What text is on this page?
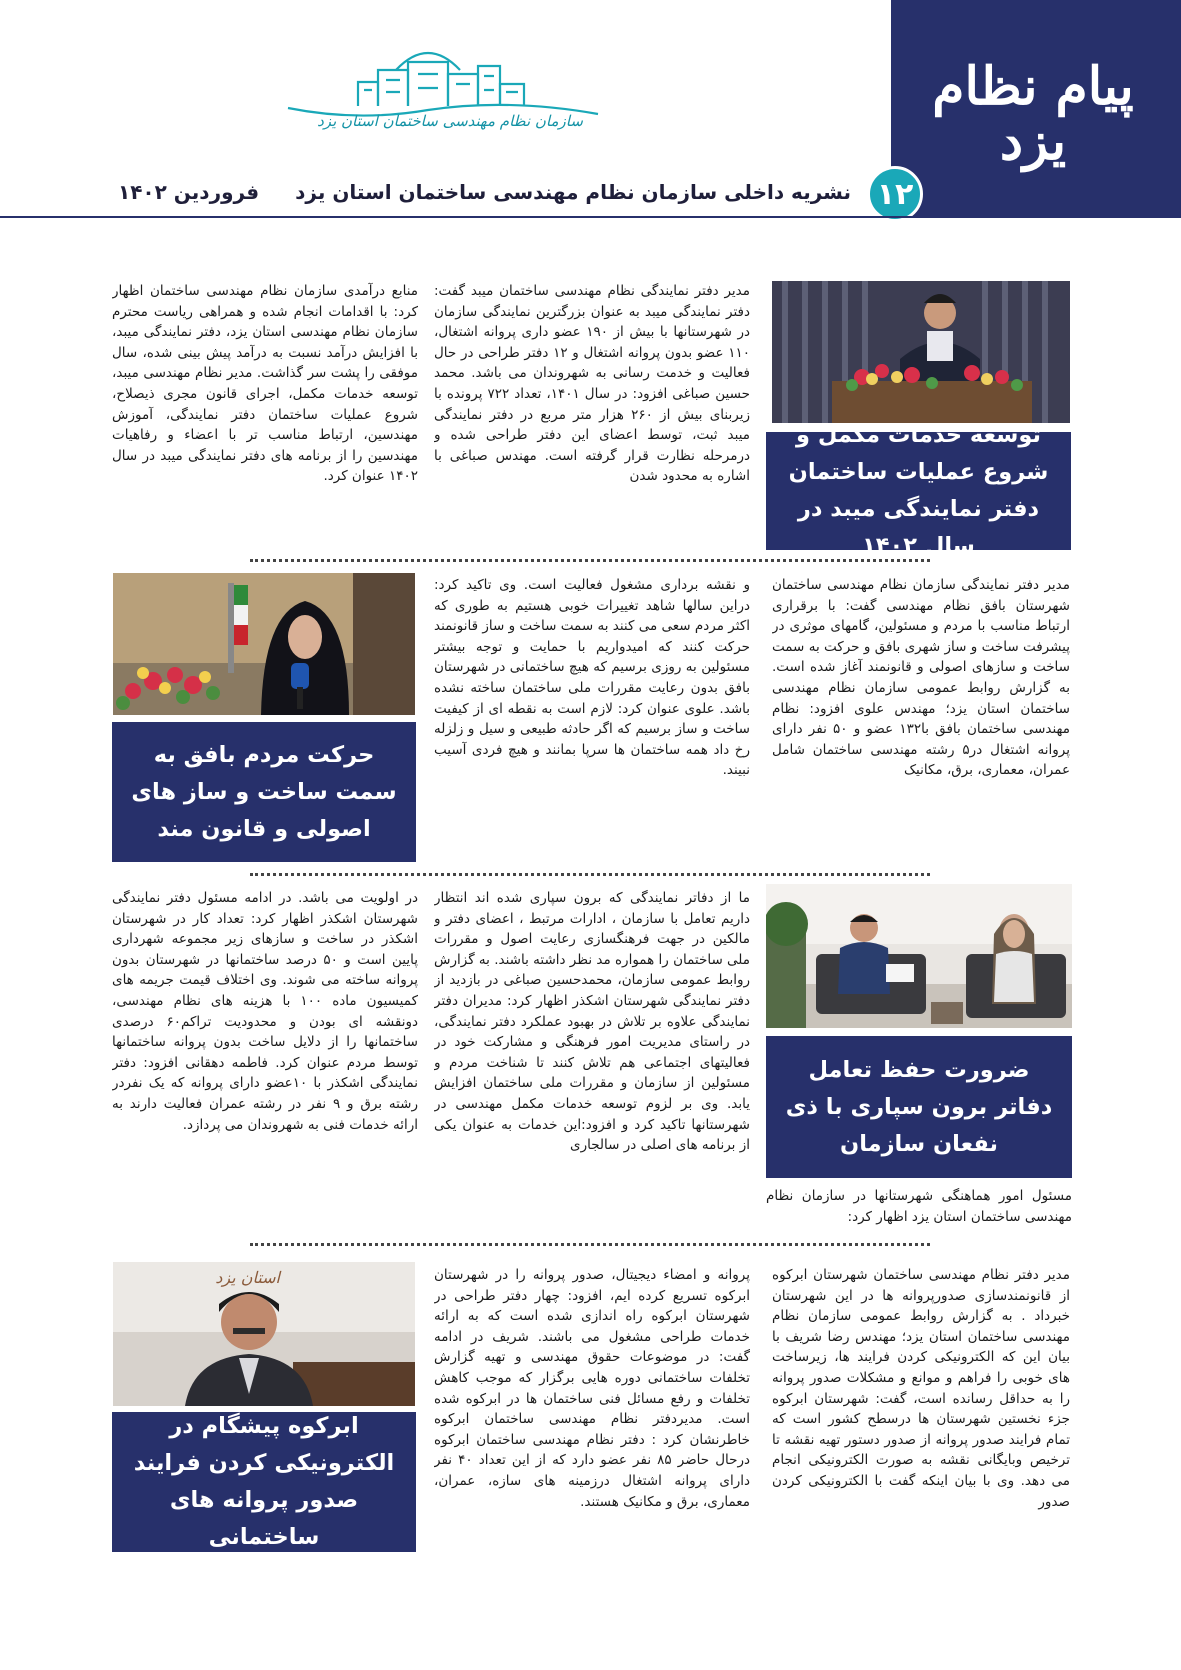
پیام نظام یزد
۱۲
نشریه داخلی سازمان نظام مهندسی ساختمان استان یزد
فروردین ۱۴۰۲
سازمان نظام مهندسی ساختمان استان یزد
توسعه خدمات مکمل و شروع عملیات ساختمان دفتر نمایندگی میبد در سال ۱۴۰۲

مدیر دفتر نمایندگی نظام مهندسی ساختمان میبد گفت: دفتر نمایندگی میبد به عنوان بزرگترین نمایندگی سازمان در شهرستانها با بیش از ۱۹۰ عضو داری پروانه اشتغال، ۱۱۰ عضو بدون پروانه اشتغال و ۱۲ دفتر طراحی در حال فعالیت و خدمت رسانی به شهروندان می باشد. محمد حسین صباغی افزود: در سال ۱۴۰۱، تعداد ۷۲۲ پرونده با زیربنای بیش از ۲۶۰ هزار متر مربع در دفتر نمایندگی میبد ثبت، توسط اعضای این دفتر طراحی شده و درمرحله نظارت قرار گرفته است. مهندس صباغی با اشاره به محدود شدن

منابع درآمدی سازمان نظام مهندسی ساختمان اظهار کرد: با اقدامات انجام شده و همراهی ریاست محترم سازمان نظام مهندسی استان یزد، دفتر نمایندگی میبد، با افزایش درآمد نسبت به درآمد پیش بینی شده، سال موفقی را پشت سر گذاشت. مدیر نظام مهندسی میبد، توسعه خدمات مکمل، اجرای قانون مجری ذیصلاح، شروع عملیات ساختمان دفتر نمایندگی، آموزش مهندسین، ارتباط مناسب تر با اعضاء و رفاهیات مهندسین را از برنامه های دفتر نمایندگی میبد در سال ۱۴۰۲ عنوان کرد.

مدیر دفتر نمایندگی سازمان نظام مهندسی ساختمان شهرستان بافق نظام مهندسی گفت: با برقراری ارتباط مناسب با مردم و مسئولین، گامهای موثری در پیشرفت ساخت و ساز شهری بافق و حرکت به سمت ساخت و سازهای اصولی و قانونمند آغاز شده است. به گزارش روابط عمومی سازمان نظام مهندسی ساختمان استان یزد؛ مهندس علوی افزود: نظام مهندسی ساختمان بافق با۱۳۲ عضو و ۵۰ نفر دارای پروانه اشتغال در۵ رشته مهندسی ساختمان شامل عمران، معماری، برق، مکانیک

و نقشه برداری مشغول فعالیت است. وی تاکید کرد: دراین سالها شاهد تغییرات خوبی هستیم به طوری که اکثر مردم سعی می کنند به سمت ساخت و ساز قانونمند حرکت کنند که امیدواریم با حمایت و توجه بیشتر مسئولین به روزی برسیم که هیچ ساختمانی در شهرستان بافق بدون رعایت مقررات ملی ساختمان ساخته نشده باشد. علوی عنوان کرد: لازم است به نقطه ای از کیفیت ساخت و ساز برسیم که اگر حادثه طبیعی و سیل و زلزله رخ داد همه ساختمان ها سرپا بمانند و هیچ فردی آسیب نبیند.

حرکت مردم بافق به سمت ساخت و ساز های اصولی و قانون مند
ضرورت حفظ تعامل دفاتر برون سپاری با ذی نفعان سازمان

مسئول امور هماهنگی شهرستانها در سازمان نظام مهندسی ساختمان استان یزد اظهار کرد:

ما از دفاتر نمایندگی که برون سپاری شده اند انتظار داریم تعامل با سازمان ، ادارات مرتبط ، اعضای دفتر و مالکین در جهت فرهنگسازی رعایت اصول و مقررات ملی ساختمان را همواره مد نظر داشته باشند. به گزارش روابط عمومی سازمان، محمدحسین صباغی در بازدید از دفتر نمایندگی شهرستان اشکذر اظهار کرد: مدیران دفتر نمایندگی علاوه بر تلاش در بهبود عملکرد دفتر نمایندگی، در راستای مدیریت امور فرهنگی و مشارکت خود در فعالیتهای اجتماعی هم تلاش کنند تا شناخت مردم و مسئولین از سازمان و مقررات ملی ساختمان افزایش یابد. وی بر لزوم توسعه خدمات مکمل مهندسی در شهرستانها تاکید کرد و افزود:این خدمات به عنوان یکی از برنامه های اصلی در سالجاری

در اولویت می باشد. در ادامه مسئول دفتر نمایندگی شهرستان اشکذر اظهار کرد: تعداد کار در شهرستان اشکذر در ساخت و سازهای زیر مجموعه شهرداری پایین است و ۵۰ درصد ساختمانها در شهرستان بدون پروانه ساخته می شوند. وی اختلاف قیمت جریمه های کمیسیون ماده ۱۰۰ با هزینه های نظام مهندسی، دونقشه ای بودن و محدودیت تراکم۶۰ درصدی ساختمانها را از دلایل ساخت بدون پروانه ساختمانها توسط مردم عنوان کرد. فاطمه دهقانی افزود: دفتر نمایندگی اشکذر با ۱۰عضو دارای پروانه که یک نفردر رشته برق و ۹ نفر در رشته عمران فعالیت دارند به ارائه خدمات فنی به شهروندان می پردازد.

مدیر دفتر نظام مهندسی ساختمان شهرستان ابرکوه از قانونمندسازی صدورپروانه ها در این شهرستان خبرداد . به گزارش روابط عمومی سازمان نظام مهندسی ساختمان استان یزد؛ مهندس رضا شریف با بیان این که الکترونیکی کردن فرایند ها، زیرساخت های خوبی را فراهم و موانع و مشکلات صدور پروانه را به حداقل رسانده است، گفت: شهرستان ابرکوه جزء نخستین شهرستان ها درسطح کشور است که تمام فرایند صدور پروانه از صدور دستور تهیه نقشه تا ترخیص وبایگانی نقشه به صورت الکترونیکی انجام می دهد. وی با بیان اینکه گفت با الکترونیکی کردن صدور

پروانه و امضاء دیجیتال، صدور پروانه را در شهرستان ابرکوه تسریع کرده ایم، افزود: چهار دفتر طراحی در شهرستان ابرکوه راه اندازی شده است که به ارائه خدمات طراحی مشغول می باشند. شریف در ادامه گفت: در موضوعات حقوق مهندسی و تهیه گزارش تخلفات ساختمانی دوره هایی برگزار که موجب کاهش تخلفات و رفع مسائل فنی ساختمان ها در ابرکوه شده است. مدیردفتر نظام مهندسی ساختمان ابرکوه خاطرنشان کرد : دفتر نظام مهندسی ساختمان ابرکوه درحال حاضر ۸۵ نفر عضو دارد که از این تعداد ۴۰ نفر دارای پروانه اشتغال درزمینه های سازه، عمران، معماری، برق و مکانیک هستند.

استان یزد
ابرکوه پیشگام در الکترونیکی کردن فرایند صدور پروانه های ساختمانی
